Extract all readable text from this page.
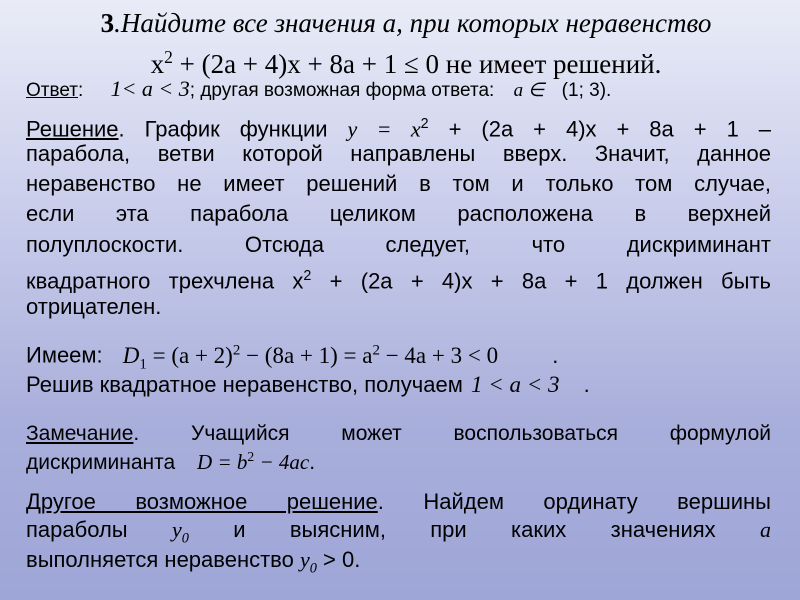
3.Найдите все значения a, при которых неравенство
$x^2 + (2a + 4)x + 8a + 1 \le 0$ не имеет решений.
Ответ: 1< a < 3; другая возможная форма ответа: a ∈ (1; 3).
Решение. График функции $y = x^2 + (2a + 4)x + 8a + 1$ –
парабола, ветви которой направлены вверх. Значит, данное
неравенство не имеет решений в том и только том случае,
если эта парабола целиком расположена в верхней
полуплоскости. Отсюда следует, что дискриминант
квадратного трехчлена $x^2 + (2a + 4)x + 8a + 1$ должен быть
отрицателен.
Имеем: $D_1 = (a + 2)^2 - (8a + 1) = a^2 - 4a + 3 < 0$ .
Решив квадратное неравенство, получаем 1 < a < 3 .
Замечание. Учащийся может воспользоваться формулой
дискриминанта $D = b^2 - 4ac$.
Другое возможное решение. Найдем ординату вершины
параболы $y_0$ и выясним, при каких значениях a
выполняется неравенство $y_0 > 0$.
